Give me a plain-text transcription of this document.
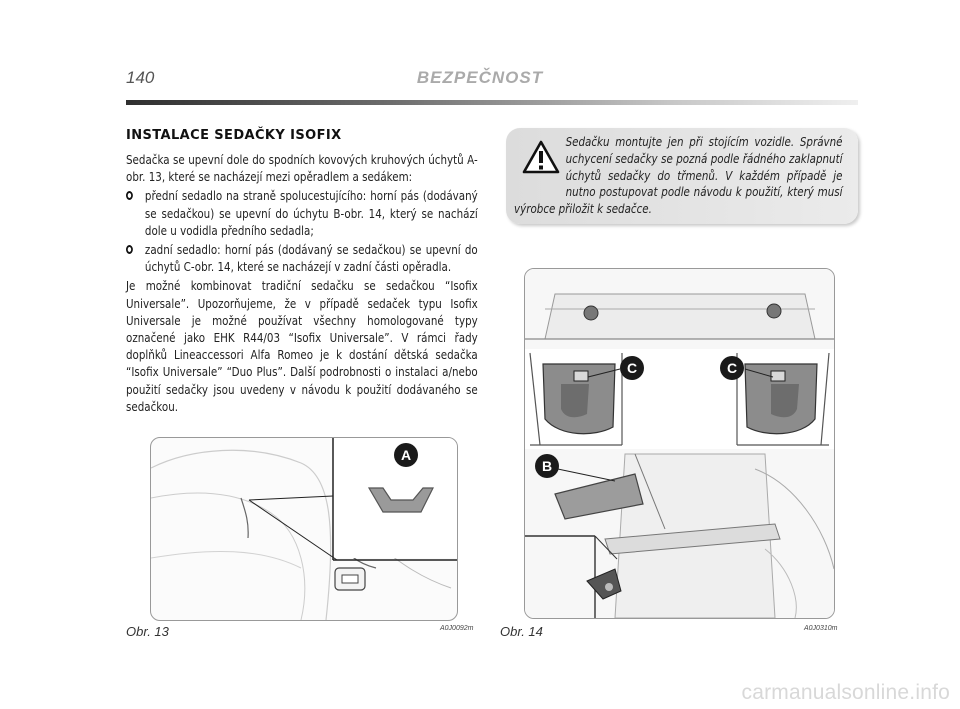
140	BEZPEČNOST
INSTALACE SEDAČKY ISOFIX

Sedačka se upevní dole do spodních kovových kruhových úchytů A-obr. 13, které se nacházejí mezi opěradlem a sedákem:

přední sedadlo na straně spolucestujícího: horní pás (dodávaný se sedačkou) se upevní do úchytu B-obr. 14, který se nachází dole u vodidla předního sedadla;
zadní sedadlo: horní pás (dodávaný se sedačkou) se upevní do úchytů C-obr. 14, které se nacházejí v zadní části opěradla.

Je možné kombinovat tradiční sedačku se sedačkou “Isofix Universale”. Upozorňujeme, že v případě sedaček typu Isofix Universale je možné používat všechny homologované typy označené jako EHK R44/03 “Isofix Universale”. V rámci řady doplňků Lineaccessori Alfa Romeo je k dostání dětská sedačka “Isofix Universale” “Duo Plus”. Další podrobnosti o instalaci a/nebo použití sedačky jsou uvedeny v návodu k použití dodávaného se sedačkou.

Sedačku montujte jen při stojícím vozidle. Správné uchycení sedačky se pozná podle řádného zaklapnutí úchytů sedačky do třmenů. V každém případě je nutno postupovat podle návodu k použití, který musí výrobce přiložit k sedačce.

A
C	C
B
Obr. 13	A0J0092m Obr. 14	A0J0310m
carmanualsonline.info
